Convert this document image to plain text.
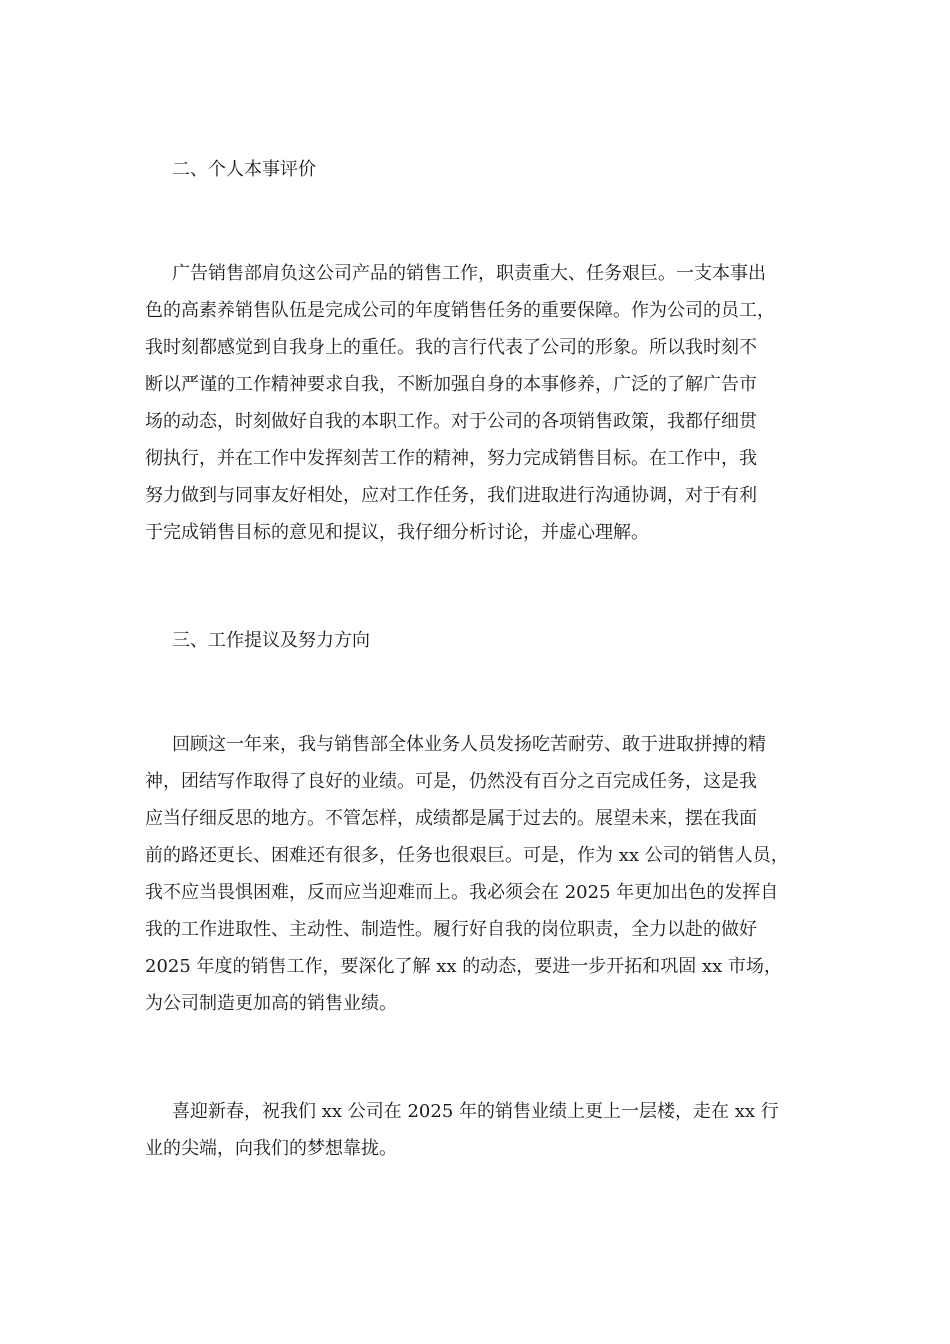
二、个人本事评价
广告销售部肩负这公司产品的销售工作，职责重大、任务艰巨。一支本事出
色的高素养销售队伍是完成公司的年度销售任务的重要保障。作为公司的员工，
我时刻都感觉到自我身上的重任。我的言行代表了公司的形象。所以我时刻不
断以严谨的工作精神要求自我，不断加强自身的本事修养，广泛的了解广告市
场的动态，时刻做好自我的本职工作。对于公司的各项销售政策，我都仔细贯
彻执行，并在工作中发挥刻苦工作的精神，努力完成销售目标。在工作中，我
努力做到与同事友好相处，应对工作任务，我们进取进行沟通协调，对于有利
于完成销售目标的意见和提议，我仔细分析讨论，并虚心理解。
三、工作提议及努力方向
回顾这一年来，我与销售部全体业务人员发扬吃苦耐劳、敢于进取拼搏的精
神，团结写作取得了良好的业绩。可是，仍然没有百分之百完成任务，这是我
应当仔细反思的地方。不管怎样，成绩都是属于过去的。展望未来，摆在我面
前的路还更长、困难还有很多，任务也很艰巨。可是，作为 xx 公司的销售人员，
我不应当畏惧困难，反而应当迎难而上。我必须会在 2025 年更加出色的发挥自
我的工作进取性、主动性、制造性。履行好自我的岗位职责，全力以赴的做好
2025 年度的销售工作，要深化了解 xx 的动态，要进一步开拓和巩固 xx 市场，
为公司制造更加高的销售业绩。
喜迎新春，祝我们 xx 公司在 2025 年的销售业绩上更上一层楼，走在 xx 行
业的尖端，向我们的梦想靠拢。
